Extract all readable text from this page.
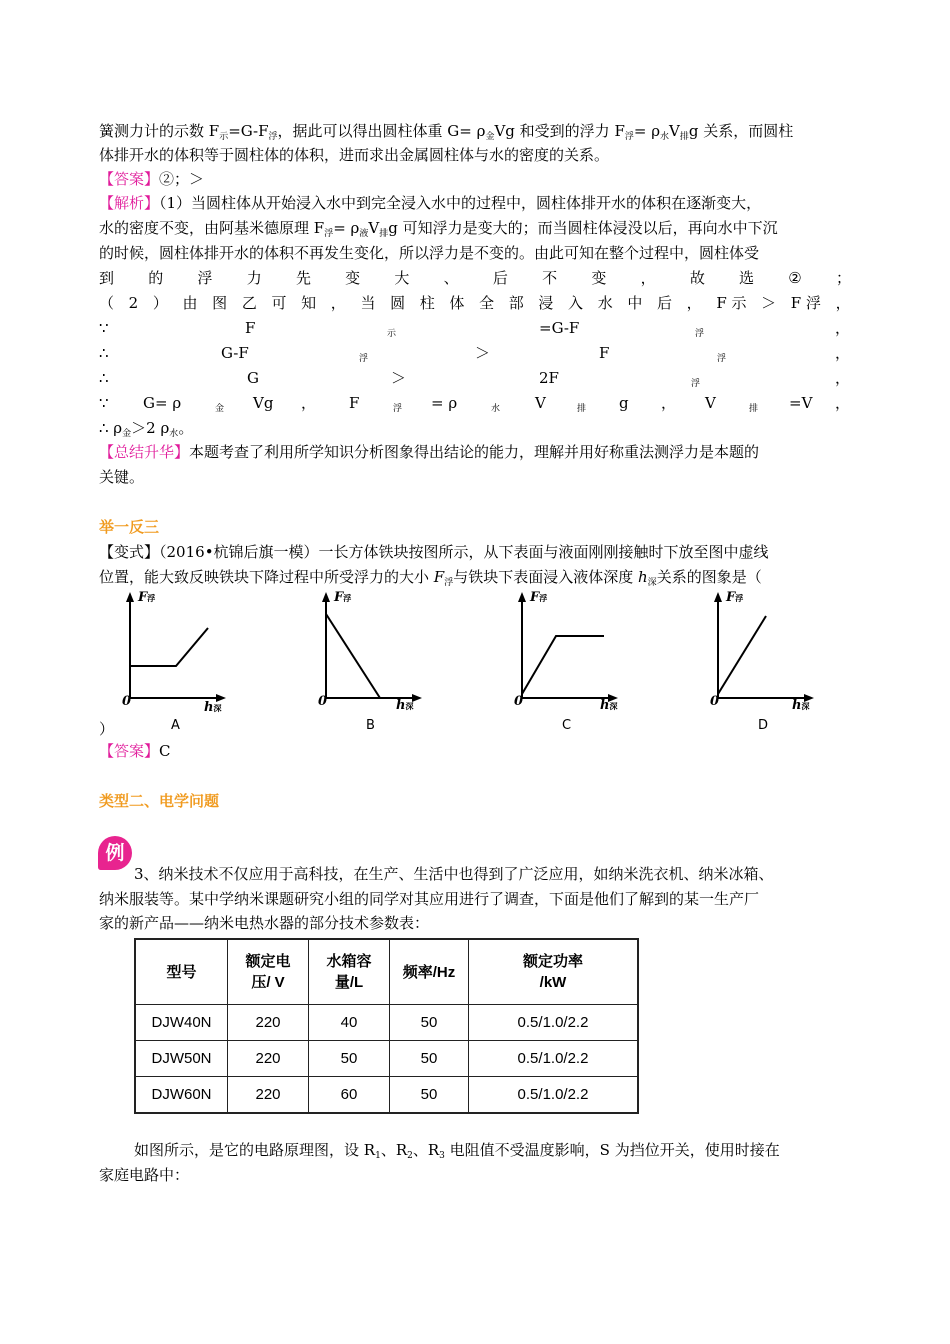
簧测力计的示数 $F_示=G-F_浮$，据此可以得出圆柱体重 $G= \rho_金Vg$ 和受到的浮力 $F_浮= \rho_水V_排g$ 关系，而圆柱
体排开水的体积等于圆柱体的体积，进而求出金属圆柱体与水的密度的关系。
【答案】②；＞
【解析】（1）当圆柱体从开始浸入水中到完全浸入水中的过程中，圆柱体排开水的体积在逐渐变大，
水的密度不变，由阿基米德原理 $F_浮= \rho_液V_排g$ 可知浮力是变大的；而当圆柱体浸没以后，再向水中下沉
的时候，圆柱体排开水的体积不再发生变化，所以浮力是不变的。由此可知在整个过程中，圆柱体受
到 的 浮 力 先 变 大 、 后 不 变 ， 故 选 ② ；
（ 2 ） 由 图 乙 可 知 ， 当 圆 柱 体 全 部 浸 入 水 中 后 ， F 示 ＞ F 浮 ，
∵	F	示	=G-F	浮	，
∴	G-F	浮	＞	F	浮	，
∴	G	＞	2F	浮	，
∵ G= ρ	金 Vg ， F	浮 = ρ	水 V	排 g ， V	排 =V ，
∴ $\rho_金>2$ $\rho_水$。
【总结升华】本题考查了利用所学知识分析图象得出结论的能力，理解并用好称重法测浮力是本题的
关键。
举一反三
【变式】（2016•杭锦后旗一模）一长方体铁块按图所示，从下表面与液面刚刚接触时下放至图中虚线
位置，能大致反映铁块下降过程中所受浮力的大小 $F_浮$与铁块下表面浸入液体深度 $h_深$关系的图象是（
F浮
0	h深
F浮
0	h深
F浮
0	h深
F浮
0	h深
）	A	B	C	D
【答案】C
类型二、电学问题
例
3、纳米技术不仅应用于高科技，在生产、生活中也得到了广泛应用，如纳米洗衣机、纳米冰箱、
纳米服装等。某中学纳米课题研究小组的同学对其应用进行了调查，下面是他们了解到的某一生产厂
家的新产品——纳米电热水器的部分技术参数表：
型号	额定电
压/ V	水箱容
量/L	频率/Hz	额定功率
/kW
DJW40N	220	40	50	0.5/1.0/2.2
DJW50N	220	50	50	0.5/1.0/2.2
DJW60N	220	60	50	0.5/1.0/2.2
如图所示，是它的电路原理图，设 $R_1$、$R_2$、$R_3$ 电阻值不受温度影响，S 为挡位开关，使用时接在
家庭电路中：
